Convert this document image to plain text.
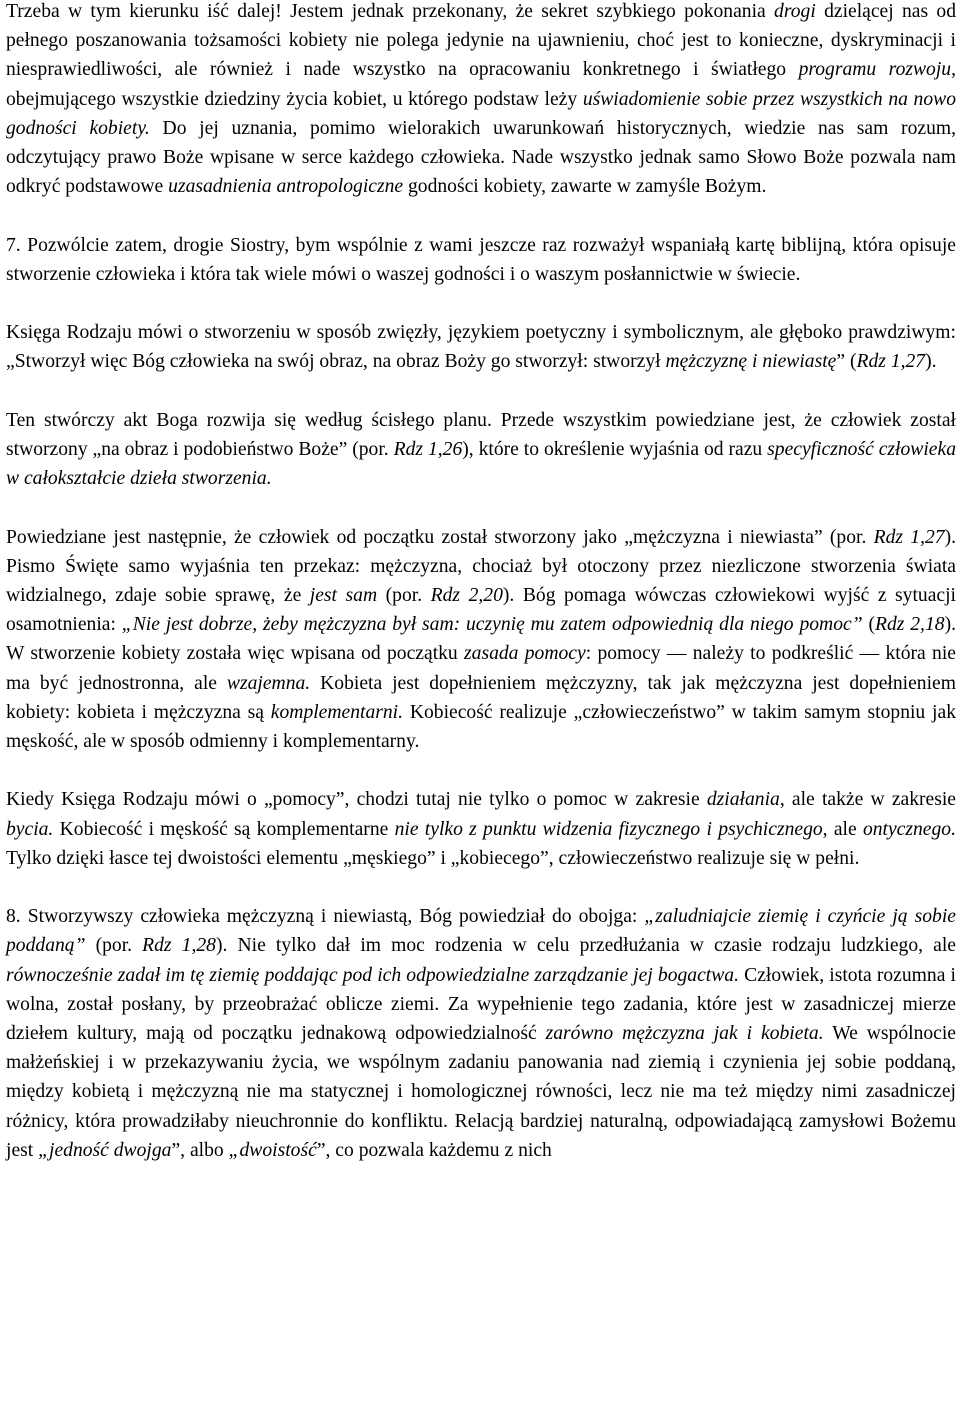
Trzeba w tym kierunku iść dalej! Jestem jednak przekonany, że sekret szybkiego pokonania drogi dzielącej nas od pełnego poszanowania tożsamości kobiety nie polega jedynie na ujawnieniu, choć jest to konieczne, dyskryminacji i niesprawiedliwości, ale również i nade wszystko na opracowaniu konkretnego i światłego programu rozwoju, obejmującego wszystkie dziedziny życia kobiet, u którego podstaw leży uświadomienie sobie przez wszystkich na nowo godności kobiety. Do jej uznania, pomimo wielorakich uwarunkowań historycznych, wiedzie nas sam rozum, odczytujący prawo Boże wpisane w serce każdego człowieka. Nade wszystko jednak samo Słowo Boże pozwala nam odkryć podstawowe uzasadnienia antropologiczne godności kobiety, zawarte w zamyśle Bożym.

7. Pozwólcie zatem, drogie Siostry, bym wspólnie z wami jeszcze raz rozważył wspaniałą kartę biblijną, która opisuje stworzenie człowieka i która tak wiele mówi o waszej godności i o waszym posłannictwie w świecie.

Księga Rodzaju mówi o stworzeniu w sposób zwięzły, językiem poetyczny i symbolicznym, ale głęboko prawdziwym: „Stworzył więc Bóg człowieka na swój obraz, na obraz Boży go stworzył: stworzył mężczyznę i niewiastę” (Rdz 1,27).

Ten stwórczy akt Boga rozwija się według ścisłego planu. Przede wszystkim powiedziane jest, że człowiek został stworzony „na obraz i podobieństwo Boże” (por. Rdz 1,26), które to określenie wyjaśnia od razu specyficzność człowieka w całokształcie dzieła stworzenia.

Powiedziane jest następnie, że człowiek od początku został stworzony jako „mężczyzna i niewiasta” (por. Rdz 1,27). Pismo Święte samo wyjaśnia ten przekaz: mężczyzna, chociaż był otoczony przez niezliczone stworzenia świata widzialnego, zdaje sobie sprawę, że jest sam (por. Rdz 2,20). Bóg pomaga wówczas człowiekowi wyjść z sytuacji osamotnienia: „Nie jest dobrze, żeby mężczyzna był sam: uczynię mu zatem odpowiednią dla niego pomoc” (Rdz 2,18). W stworzenie kobiety została więc wpisana od początku zasada pomocy: pomocy — należy to podkreślić — która nie ma być jednostronna, ale wzajemna. Kobieta jest dopełnieniem mężczyzny, tak jak mężczyzna jest dopełnieniem kobiety: kobieta i mężczyzna są komplementarni. Kobiecość realizuje „człowieczeństwo” w takim samym stopniu jak męskość, ale w sposób odmienny i komplementarny.

Kiedy Księga Rodzaju mówi o „pomocy”, chodzi tutaj nie tylko o pomoc w zakresie działania, ale także w zakresie bycia. Kobiecość i męskość są komplementarne nie tylko z punktu widzenia fizycznego i psychicznego, ale ontycznego. Tylko dzięki łasce tej dwoistości elementu „męskiego” i „kobiecego”, człowieczeństwo realizuje się w pełni.

8. Stworzywszy człowieka mężczyzną i niewiastą, Bóg powiedział do obojga: „zaludniajcie ziemię i czyńcie ją sobie poddaną” (por. Rdz 1,28). Nie tylko dał im moc rodzenia w celu przedłużania w czasie rodzaju ludzkiego, ale równocześnie zadał im tę ziemię poddając pod ich odpowiedzialne zarządzanie jej bogactwa. Człowiek, istota rozumna i wolna, został posłany, by przeobrażać oblicze ziemi. Za wypełnienie tego zadania, które jest w zasadniczej mierze dziełem kultury, mają od początku jednakową odpowiedzialność zarówno mężczyzna jak i kobieta. We wspólnocie małżeńskiej i w przekazywaniu życia, we wspólnym zadaniu panowania nad ziemią i czynienia jej sobie poddaną, między kobietą i mężczyzną nie ma statycznej i homologicznej równości, lecz nie ma też między nimi zasadniczej różnicy, która prowadziłaby nieuchronnie do konfliktu. Relacją bardziej naturalną, odpowiadającą zamysłowi Bożemu jest „jedność dwojga”, albo „dwoistość”, co pozwala każdemu z nich
